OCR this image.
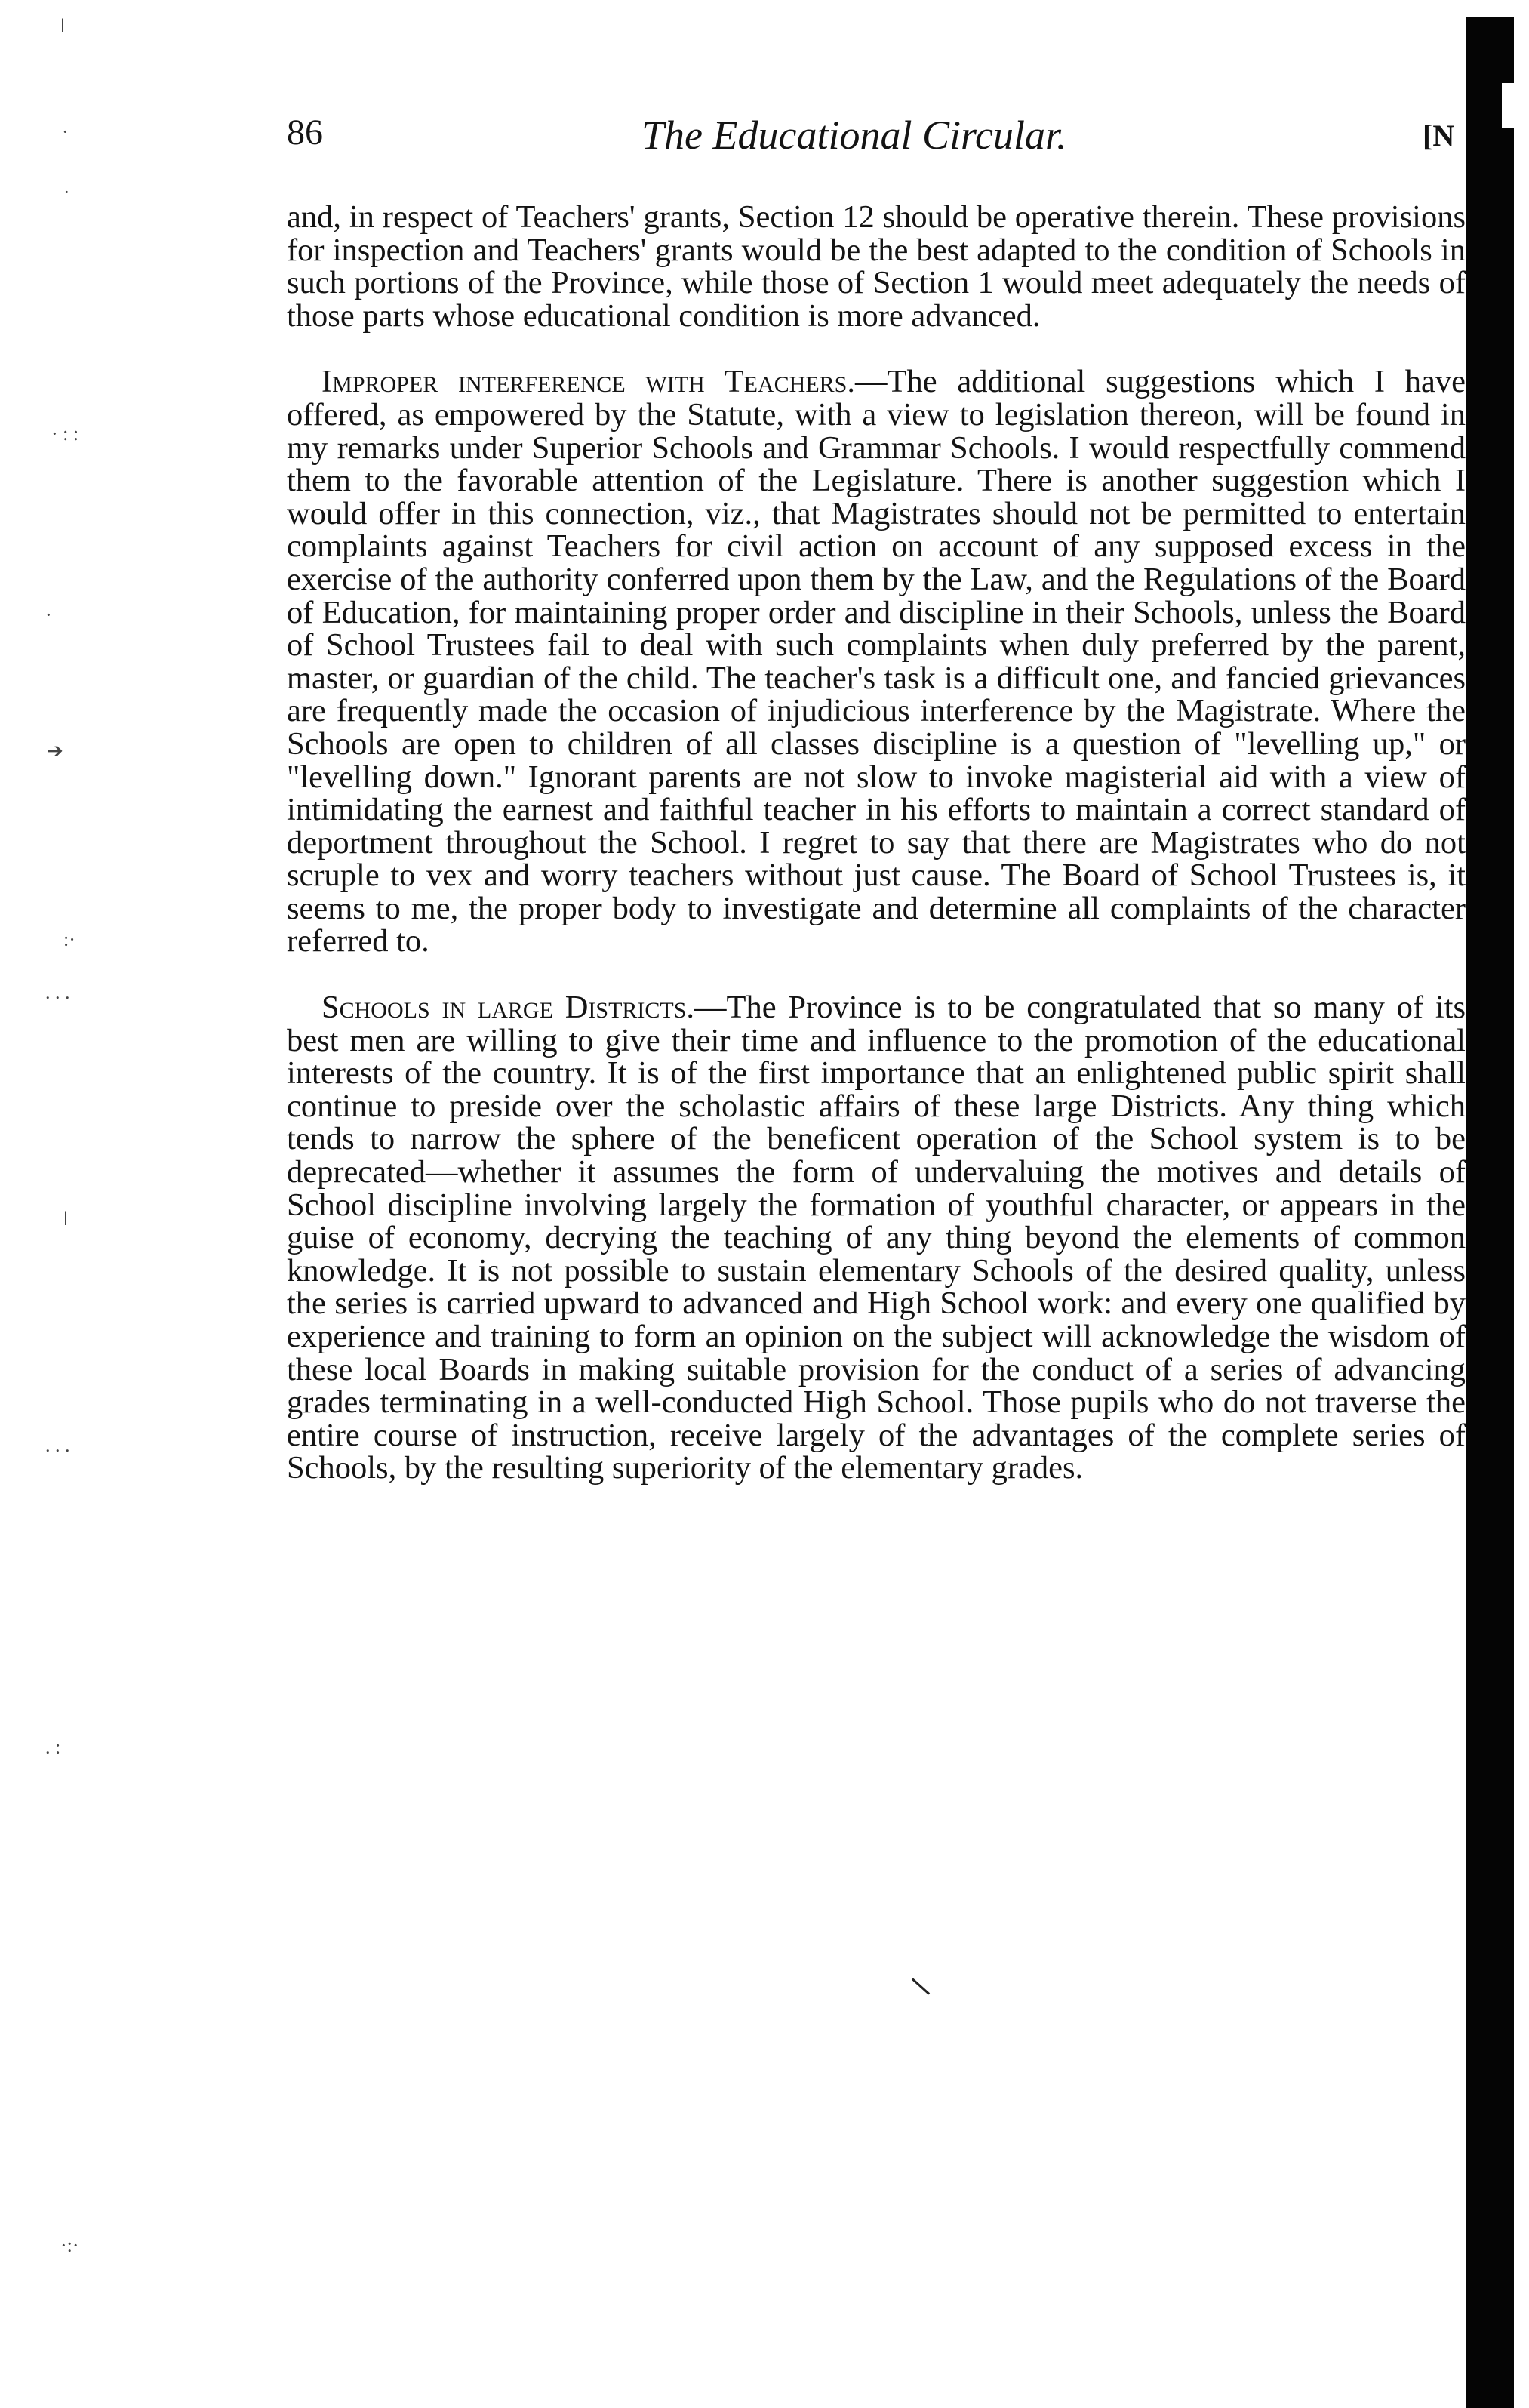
ǀ
·
·
· : :
·
➔
:·
. . .
ǀ
. . .
. :
·:·
86	The Educational Circular.	[N

and, in respect of Teachers' grants, Section 12 should be operative therein. These provisions for inspection and Teachers' grants would be the best adapted to the condition of Schools in such portions of the Province, while those of Section 1 would meet adequately the needs of those parts whose educational condition is more advanced.

Improper interference with Teachers.—The additional suggestions which I have offered, as empowered by the Statute, with a view to legislation thereon, will be found in my remarks under Superior Schools and Grammar Schools. I would respectfully commend them to the favorable attention of the Legislature. There is another suggestion which I would offer in this connection, viz., that Magistrates should not be permitted to entertain complaints against Teachers for civil action on account of any supposed excess in the exercise of the authority conferred upon them by the Law, and the Regulations of the Board of Education, for maintaining proper order and discipline in their Schools, unless the Board of School Trustees fail to deal with such complaints when duly preferred by the parent, master, or guardian of the child. The teacher's task is a difficult one, and fancied grievances are frequently made the occasion of injudicious interference by the Magistrate. Where the Schools are open to children of all classes discipline is a question of "levelling up," or "levelling down." Ignorant parents are not slow to invoke magisterial aid with a view of intimidating the earnest and faithful teacher in his efforts to maintain a correct standard of deportment throughout the School. I regret to say that there are Magistrates who do not scruple to vex and worry teachers without just cause. The Board of School Trustees is, it seems to me, the proper body to investigate and determine all complaints of the character referred to.

Schools in large Districts.—The Province is to be congratulated that so many of its best men are willing to give their time and influence to the promotion of the educational interests of the country. It is of the first importance that an enlightened public spirit shall continue to preside over the scholastic affairs of these large Districts. Any thing which tends to narrow the sphere of the beneficent operation of the School system is to be deprecated—whether it assumes the form of undervaluing the motives and details of School discipline involving largely the formation of youthful character, or appears in the guise of economy, decrying the teaching of any thing beyond the elements of common knowledge. It is not possible to sustain elementary Schools of the desired quality, unless the series is carried upward to advanced and High School work: and every one qualified by experience and training to form an opinion on the subject will acknowledge the wisdom of these local Boards in making suitable provision for the conduct of a series of advancing grades terminating in a well-conducted High School. Those pupils who do not traverse the entire course of instruction, receive largely of the advantages of the complete series of Schools, by the resulting superiority of the elementary grades.
